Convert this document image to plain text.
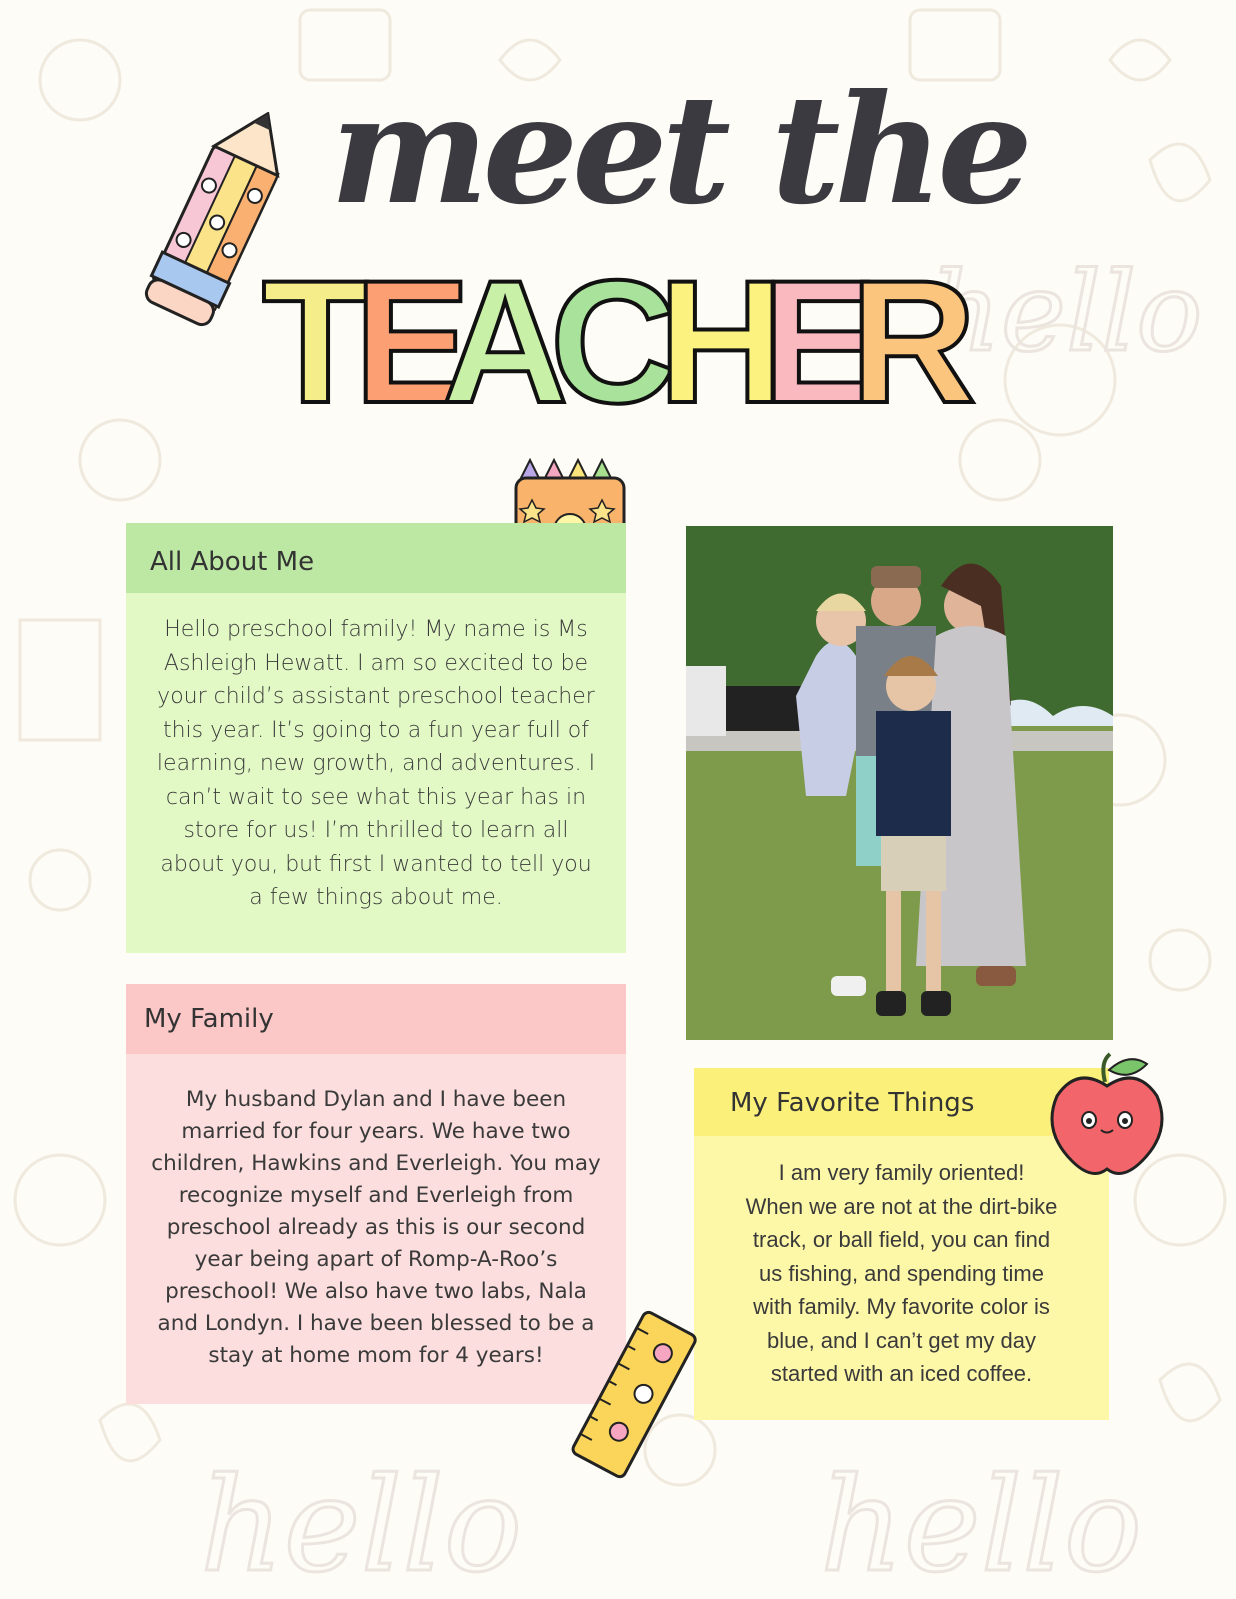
hello hello
hello
meet the
T
E
A
C
H
E
R
All About Me
Hello preschool family! My name is Ms
Ashleigh Hewatt. I am so excited to be
your child’s assistant preschool teacher
this year. It’s going to a fun year full of
learning, new growth, and adventures. I
can’t wait to see what this year has in
store for us! I’m thrilled to learn all
about you, but first I wanted to tell you
a few things about me.
My Family
My husband Dylan and I have been
married for four years. We have two
children, Hawkins and Everleigh. You may
recognize myself and Everleigh from
preschool already as this is our second
year being apart of Romp-A-Roo’s
preschool! We also have two labs, Nala
and Londyn. I have been blessed to be a
stay at home mom for 4 years!
My Favorite Things
I am very family oriented!
When we are not at the dirt-bike
track, or ball field, you can find
us fishing, and spending time
with family. My favorite color is
blue, and I can’t get my day
started with an iced coffee.
